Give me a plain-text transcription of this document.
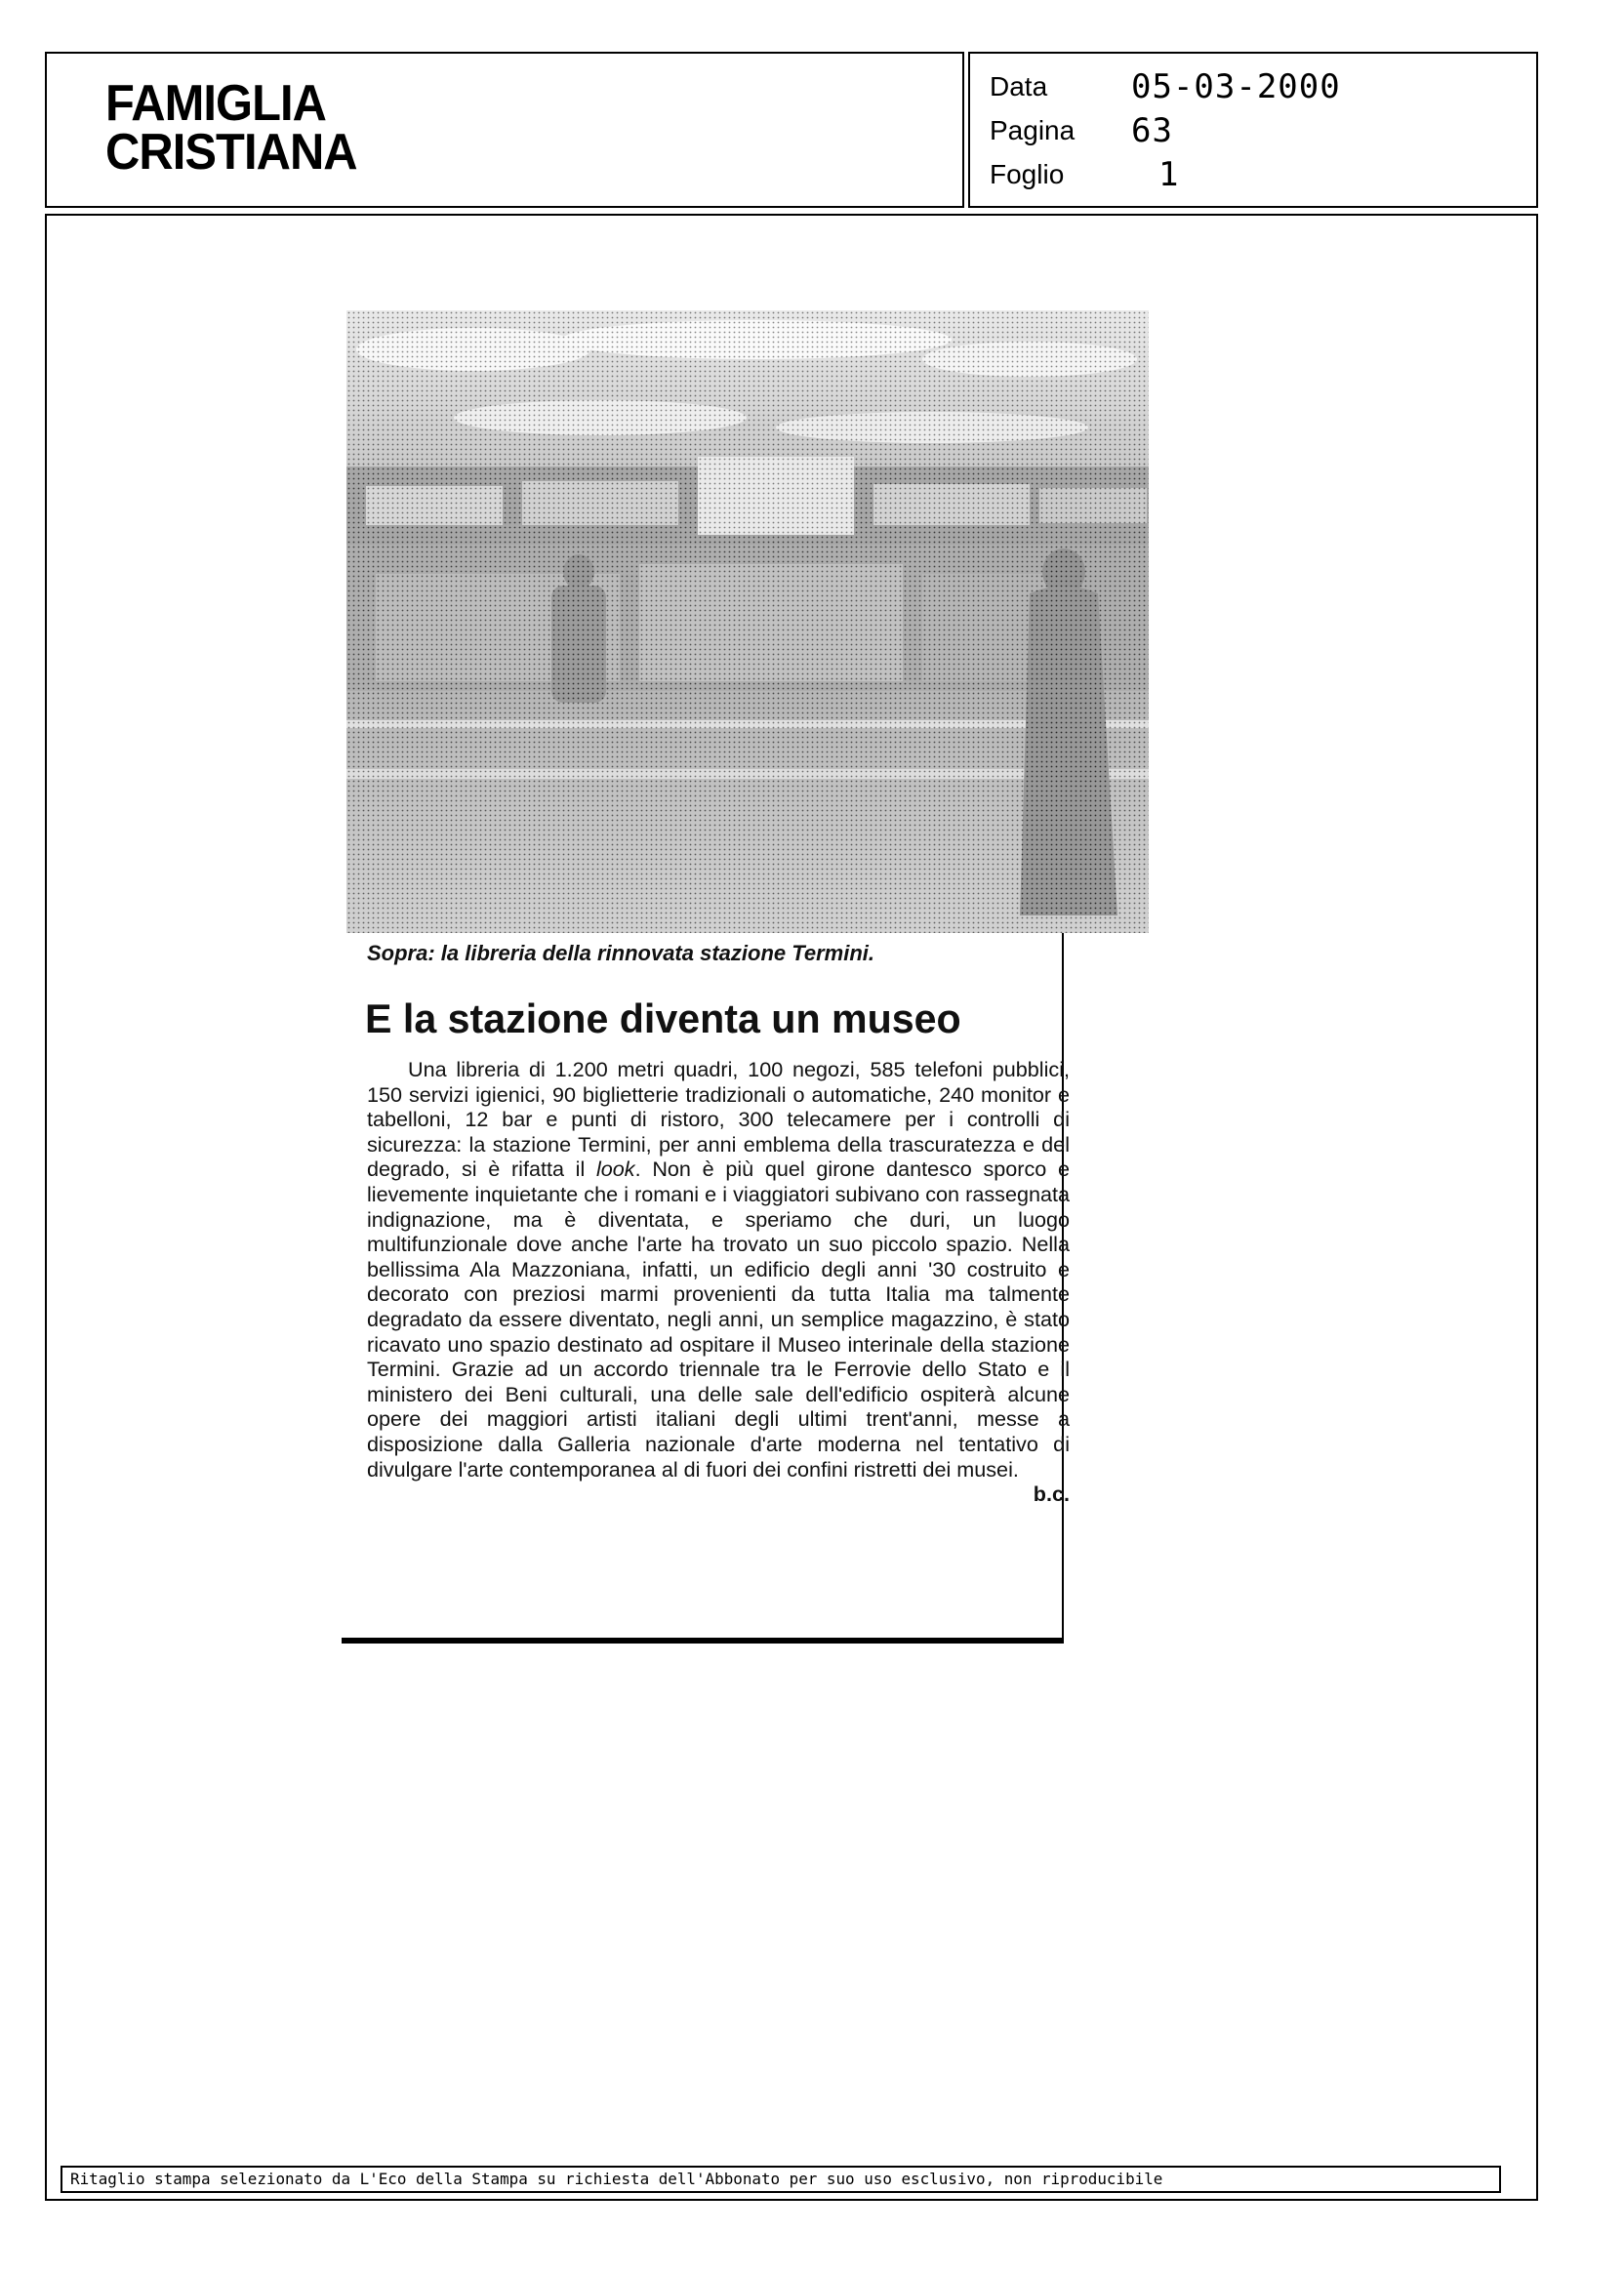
FAMIGLIA
CRISTIANA
Data	05-03-2000
Pagina	63
Foglio	1
Sopra: la libreria della rinnovata stazione Termini.
E la stazione diventa un museo
Una libreria di 1.200 metri quadri, 100 negozi, 585 telefoni pubblici, 150 servizi igienici, 90 biglietterie tradizionali o automatiche, 240 monitor e tabelloni, 12 bar e punti di ristoro, 300 telecamere per i controlli di sicurezza: la stazione Termini, per anni emblema della trascuratezza e del degrado, si è rifatta il look. Non è più quel girone dantesco sporco e lievemente inquietante che i romani e i viaggiatori subivano con rassegnata indignazione, ma è diventata, e speriamo che duri, un luogo multifunzionale dove anche l'arte ha trovato un suo piccolo spazio. Nella bellissima Ala Mazzoniana, infatti, un edificio degli anni '30 costruito e decorato con preziosi marmi provenienti da tutta Italia ma talmente degradato da essere diventato, negli anni, un semplice magazzino, è stato ricavato uno spazio destinato ad ospitare il Museo interinale della stazione Termini. Grazie ad un accordo triennale tra le Ferrovie dello Stato e il ministero dei Beni culturali, una delle sale dell'edificio ospiterà alcune opere dei maggiori artisti italiani degli ultimi trent'anni, messe a disposizione dalla Galleria nazionale d'arte moderna nel tentativo di divulgare l'arte contemporanea al di fuori dei confini ristretti dei musei.
b.c.
Ritaglio stampa selezionato da L'Eco della Stampa su richiesta dell'Abbonato per suo uso esclusivo, non riproducibile
